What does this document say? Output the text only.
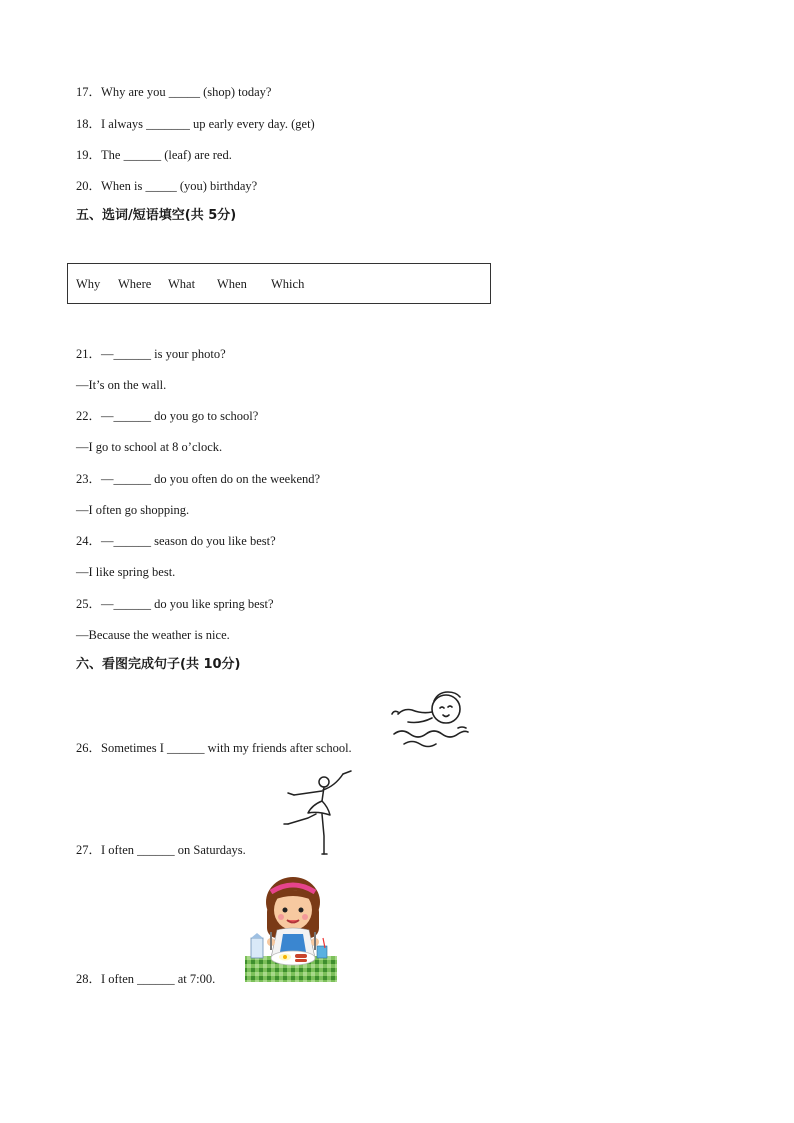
17．Why are you _____ (shop) today?
18．I always _______ up early every day. (get)
19．The ______ (leaf) are red.
20．When is _____ (you) birthday?
五、选词/短语填空(共 5分)
Why Where What When Which
21．—______ is your photo?
—It’s on the wall.
22．—______ do you go to school?
—I go to school at 8 o’clock.
23．—______ do you often do on the weekend?
—I often go shopping.
24．—______ season do you like best?
—I like spring best.
25．—______ do you like spring best?
—Because the weather is nice.
六、看图完成句子(共 10分)
26．Sometimes I ______ with my friends after school.
27．I often ______ on Saturdays.
28．I often ______ at 7:00.
